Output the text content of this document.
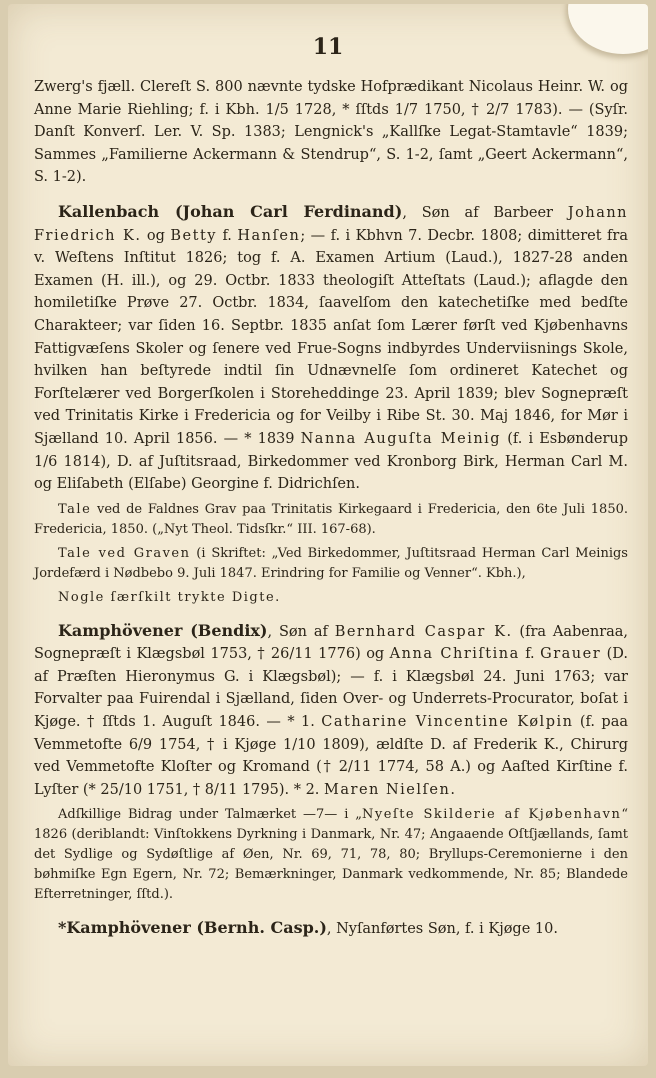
11

Zwerg's fjæll. Clereſt S. 800 nævnte tydske Hofprædikant Nicolaus Heinr. W. og Anne Marie Riehling; f. i Kbh. 1/5 1728, * ſſtds 1/7 1750, † 2/7 1783). — (Syſr. Danſt Konverſ. Ler. V. Sp. 1383; Lengnick's „Kallſke Legat-Stamtavle“ 1839; Sammes „Familierne Ackermann & Stendrup“, S. 1-2, ſamt „Geert Ackermann“, S. 1-2).

Kallenbach (Johan Carl Ferdinand), Søn af Barbeer Johann Friedrich K. og Betty f. Hanſen; — f. i Kbhvn 7. Decbr. 1808; dimitteret fra v. Weſtens Inſtitut 1826; tog f. A. Examen Artium (Laud.), 1827-28 anden Examen (H. ill.), og 29. Octbr. 1833 theologiſt Atteſtats (Laud.); aflagde den homiletiſke Prøve 27. Octbr. 1834, ſaavelſom den katechetiſke med bedſte Charakteer; var ſiden 16. Septbr. 1835 anſat ſom Lærer førſt ved Kjøbenhavns Fattigvæſens Skoler og ſenere ved Frue-Sogns indbyrdes Underviisnings Skole, hvilken han beſtyrede indtil ſin Udnævnelſe ſom ordineret Katechet og Forſtelærer ved Borgerſkolen i Storeheddinge 23. April 1839; blev Sognepræſt ved Trinitatis Kirke i Fredericia og for Veilby i Ribe St. 30. Maj 1846, for Mør i Sjælland 10. April 1856. — * 1839 Nanna Auguſta Meinig (f. i Esbønderup 1/6 1814), D. af Juſtitsraad, Birkedommer ved Kronborg Birk, Herman Carl M. og Eliſabeth (Elſabe) Georgine f. Didrichſen.

Tale ved de Faldnes Grav paa Trinitatis Kirkegaard i Fredericia, den 6te Juli 1850. Fredericia, 1850. („Nyt Theol. Tidsſkr.“ III. 167-68).

Tale ved Graven (i Skriftet: „Ved Birkedommer, Juſtitsraad Herman Carl Meinigs Jordefærd i Nødbebo 9. Juli 1847. Erindring for Familie og Venner“. Kbh.),

Nogle ſærſkilt trykte Digte.

Kamphövener (Bendix), Søn af Bernhard Caspar K. (fra Aabenraa, Sognepræſt i Klægsbøl 1753, † 26/11 1776) og Anna Chriſtina f. Grauer (D. af Præſten Hieronymus G. i Klægsbøl); — f. i Klægsbøl 24. Juni 1763; var Forvalter paa Fuirendal i Sjælland, ſiden Over- og Underrets-Procurator, boſat i Kjøge. † ſſtds 1. Auguſt 1846. — * 1. Catharine Vincentine Kølpin (f. paa Vemmetofte 6/9 1754, † i Kjøge 1/10 1809), ældſte D. af Frederik K., Chirurg ved Vemmetofte Kloſter og Kromand († 2/11 1774, 58 A.) og Aaſted Kirſtine f. Lyſter (* 25/10 1751, † 8/11 1795). * 2. Maren Nielſen.

Adſkillige Bidrag under Talmærket —7— i „Nyeſte Skilderie af Kjøbenhavn“ 1826 (deriblandt: Vinſtokkens Dyrkning i Danmark, Nr. 47; Angaaende Oſtſjællands, ſamt det Sydlige og Sydøſtlige af Øen, Nr. 69, 71, 78, 80; Bryllups-Ceremonierne i den bøhmiſke Egn Egern, Nr. 72; Bemærkninger, Danmark vedkommende, Nr. 85; Blandede Efterretninger, ſſtd.).

*Kamphövener (Bernh. Casp.), Nyſanførtes Søn, f. i Kjøge 10.
